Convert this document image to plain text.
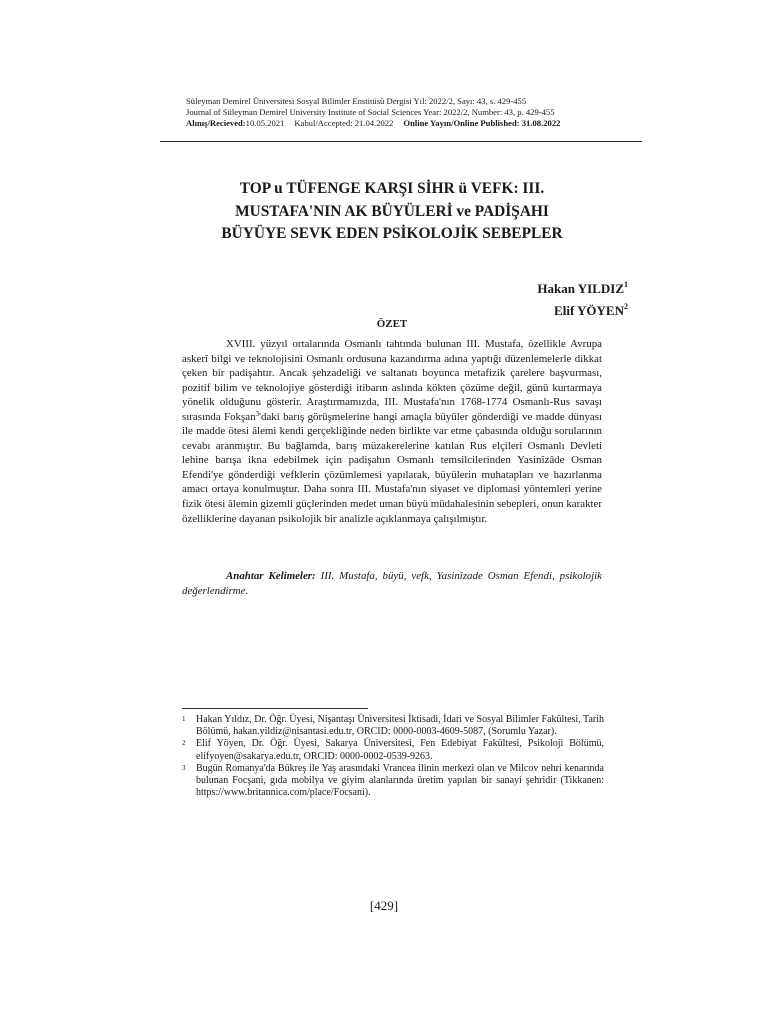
Süleyman Demirel Üniversitesi Sosyal Bilimler Enstitüsü Dergisi Yıl: 2022/2, Sayı: 43, s. 429-455
Journal of Süleyman Demirel University Institute of Social Sciences Year: 2022/2, Number: 43, p. 429-455
Alınış/Recieved: 10.05.2021 Kabul/Accepted: 21.04.2022 Online Yayın/Online Published: 31.08.2022
TOP u TÜFENGE KARŞI SİHR ü VEFK: III.
MUSTAFA'NIN AK BÜYÜLERİ ve PADİŞAHI
BÜYÜYE SEVK EDEN PSİKOLOJİK SEBEPLER
Hakan YILDIZ$^1$
Elif YÖYEN$^2$
ÖZET

XVIII. yüzyıl ortalarında Osmanlı tahtında bulunan III. Mustafa, özellikle Avrupa askerî bilgi ve teknolojisini Osmanlı ordusuna kazandırma adına yaptığı düzenlemelerle dikkat çeken bir padişahtır. Ancak şehzadeliği ve saltanatı boyunca metafizik çarelere başvurması, pozitif bilim ve teknolojiye gösterdiği itibarın aslında kökten çözüme değil, günü kurtarmaya yönelik olduğunu gösterir. Araştırmamızda, III. Mustafa'nın 1768-1774 Osmanlı-Rus savaşı sırasında Fokşan$^3$'daki barış görüşmelerine hangi amaçla büyüler gönderdiği ve madde dünyası ile madde ötesi âlemi kendi gerçekliğinde neden birlikte var etme çabasında olduğu sorularının cevabı aranmıştır. Bu bağlamda, barış müzakerelerine katılan Rus elçileri Osmanlı Devleti lehine barışa ikna edebilmek için padişahın Osmanlı temsilcilerinden Yasinîzâde Osman Efendi'ye gönderdiği vefklerin çözümlemesi yapılarak, büyülerin muhatapları ve hazırlanma amacı ortaya konulmuştur. Daha sonra III. Mustafa'nın siyaset ve diplomasi yöntemleri yerine fizik ötesi âlemin gizemli güçlerinden medet uman büyü müdahalesinin sebepleri, onun karakter özelliklerine dayanan psikolojik bir analizle açıklanmaya çalışılmıştır.

Anahtar Kelimeler: III. Mustafa, büyü, vefk, Yasinîzade Osman Efendi, psikolojik değerlendirme.

1 Hakan Yıldız, Dr. Öğr. Üyesi, Nişantaşı Üniversitesi İktisadi, İdari ve Sosyal Bilimler Fakültesi, Tarih Bölümü, hakan.yildiz@nisantasi.edu.tr, ORCID: 0000-0003-4609-5087, (Sorumlu Yazar).
2 Elif Yöyen, Dr. Öğr. Üyesi, Sakarya Üniversitesi, Fen Edebiyat Fakültesi, Psikoloji Bölümü, elifyoyen@sakarya.edu.tr, ORCID: 0000-0002-0539-9263.
3 Bugün Romanya'da Bükreş ile Yaş arasındaki Vrancea ilinin merkezi olan ve Milcov nehri kenarında bulunan Focşani, gıda mobilya ve giyim alanlarında üretim yapılan bir sanayi şehridir (Tikkanen: https://www.britannica.com/place/Focsani).
[429]
